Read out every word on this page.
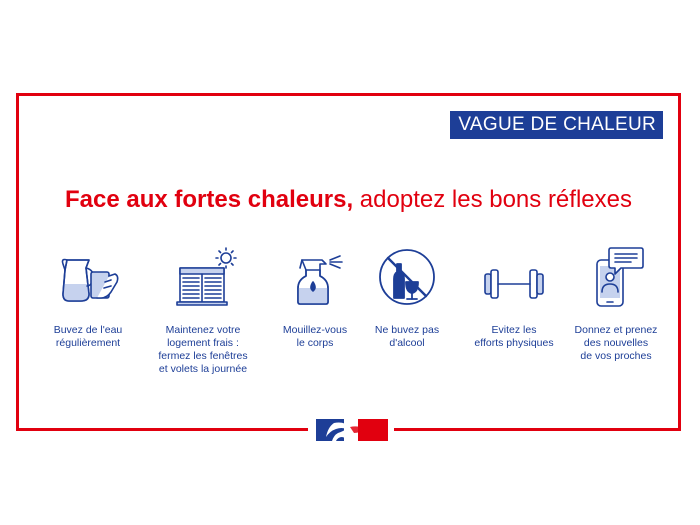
VAGUE DE CHALEUR
Face aux fortes chaleurs, adoptez les bons réflexes
Buvez de l'eau
régulièrement
Maintenez votre
logement frais :
fermez les fenêtres
et volets la journée
Mouillez-vous
le corps
Ne buvez pas
d'alcool
Evitez les
efforts physiques
Donnez et prenez
des nouvelles
de vos proches
